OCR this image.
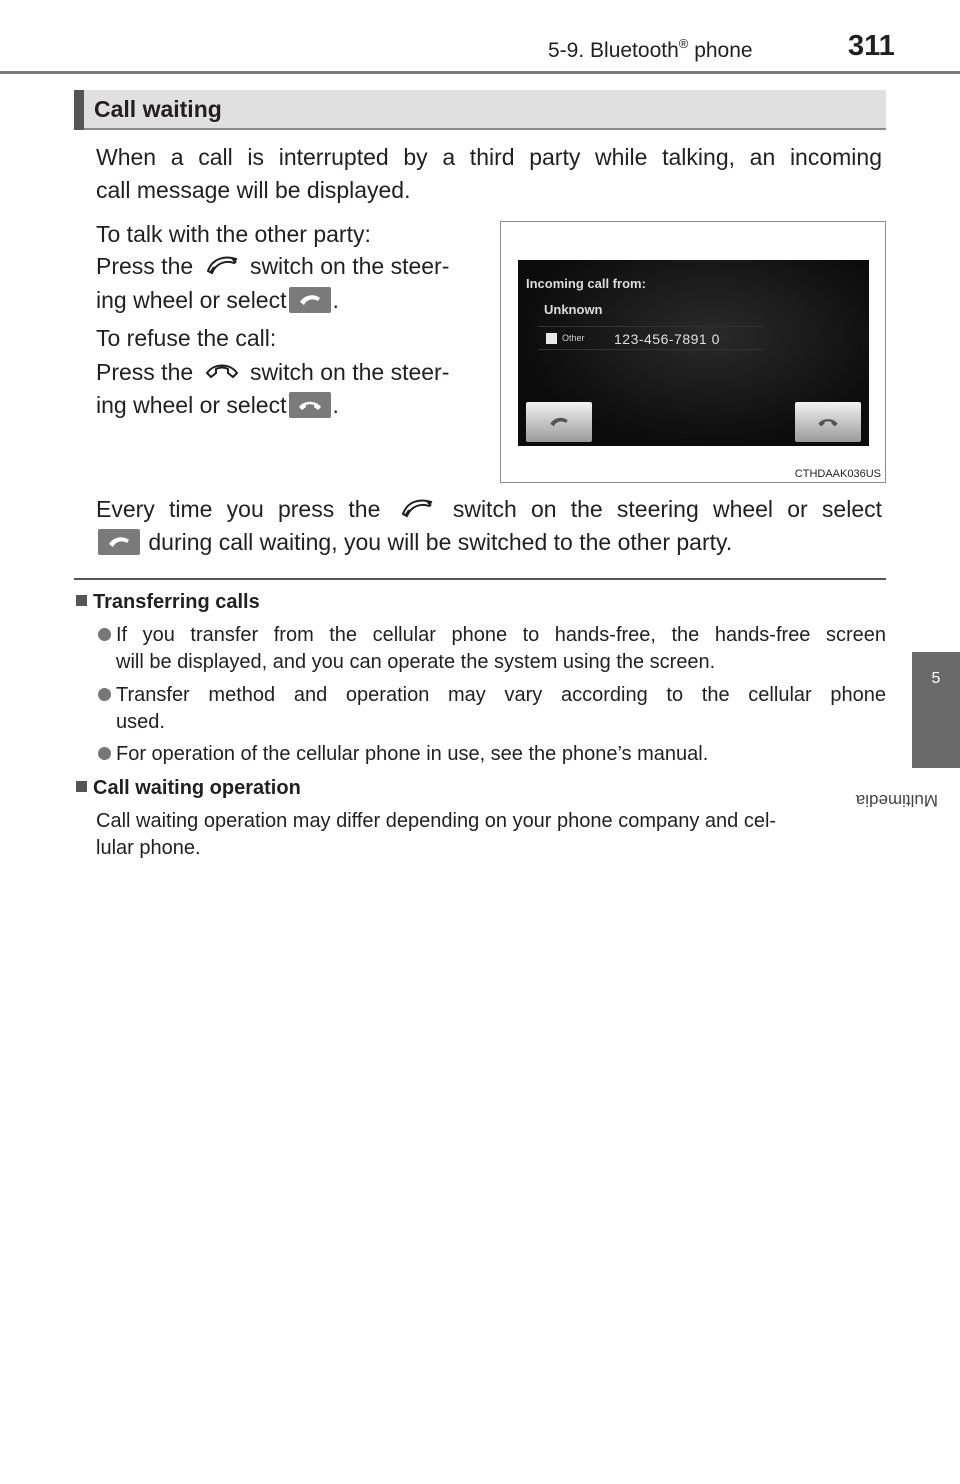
5-9. Bluetooth® phone	311
5
Multimedia
Call waiting
When a call is interrupted by a third party while talking, an incoming
call message will be displayed.
To talk with the other party:
Press the switch on the steer-
ing wheel or select .
To refuse the call:
Press the switch on the steer-
ing wheel or select .
Incoming call from:
Unknown
Other 123-456-7891 0
CTHDAAK036US
Every time you press the	switch on the steering wheel or select
during call waiting, you will be switched to the other party.
Transferring calls
If you transfer from the cellular phone to hands-free, the hands-free screen
will be displayed, and you can operate the system using the screen.
Transfer method and operation may vary according to the cellular phone
used.
For operation of the cellular phone in use, see the phone’s manual.
Call waiting operation
Call waiting operation may differ depending on your phone company and cel-
lular phone.
